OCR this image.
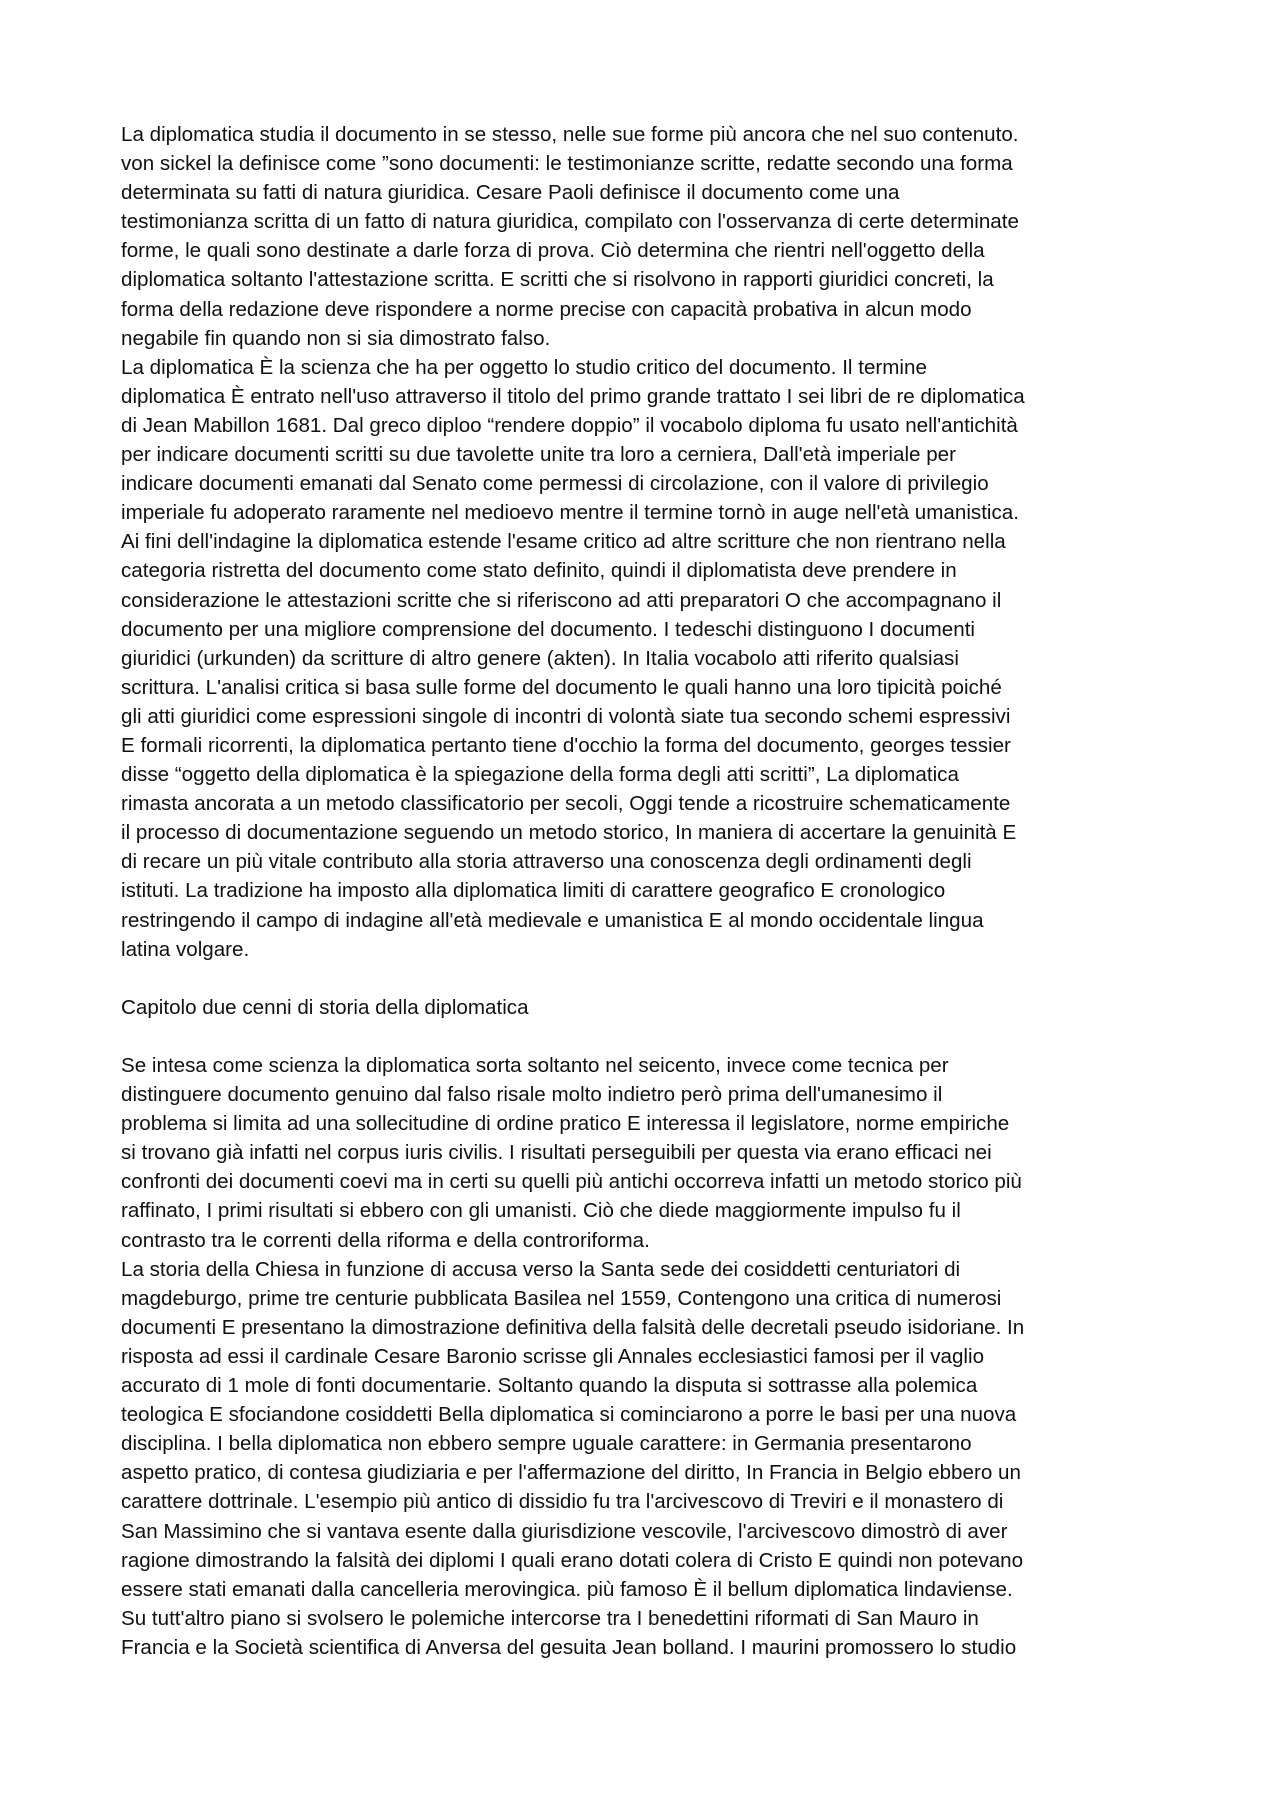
La diplomatica studia il documento in se stesso, nelle sue forme più ancora che nel suo contenuto.
von sickel la definisce come ”sono documenti: le testimonianze scritte, redatte secondo una forma
determinata su fatti di natura giuridica. Cesare Paoli definisce il documento come una
testimonianza scritta di un fatto di natura giuridica, compilato con l'osservanza di certe determinate
forme, le quali sono destinate a darle forza di prova. Ciò determina che rientri nell'oggetto della
diplomatica soltanto l'attestazione scritta. E scritti che si risolvono in rapporti giuridici concreti, la
forma della redazione deve rispondere a norme precise con capacità probativa in alcun modo
negabile fin quando non si sia dimostrato falso.
La diplomatica È la scienza che ha per oggetto lo studio critico del documento. Il termine
diplomatica È entrato nell'uso attraverso il titolo del primo grande trattato I sei libri de re diplomatica
di Jean Mabillon 1681. Dal greco diploo “rendere doppio” il vocabolo diploma fu usato nell'antichità
per indicare documenti scritti su due tavolette unite tra loro a cerniera, Dall'età imperiale per
indicare documenti emanati dal Senato come permessi di circolazione, con il valore di privilegio
imperiale fu adoperato raramente nel medioevo mentre il termine tornò in auge nell'età umanistica.
Ai fini dell'indagine la diplomatica estende l'esame critico ad altre scritture che non rientrano nella
categoria ristretta del documento come stato definito, quindi il diplomatista deve prendere in
considerazione le attestazioni scritte che si riferiscono ad atti preparatori O che accompagnano il
documento per una migliore comprensione del documento. I tedeschi distinguono I documenti
giuridici (urkunden) da scritture di altro genere (akten). In Italia vocabolo atti riferito qualsiasi
scrittura. L'analisi critica si basa sulle forme del documento le quali hanno una loro tipicità poiché
gli atti giuridici come espressioni singole di incontri di volontà siate tua secondo schemi espressivi
E formali ricorrenti, la diplomatica pertanto tiene d'occhio la forma del documento, georges tessier
disse “oggetto della diplomatica è la spiegazione della forma degli atti scritti”, La diplomatica
rimasta ancorata a un metodo classificatorio per secoli, Oggi tende a ricostruire schematicamente
il processo di documentazione seguendo un metodo storico, In maniera di accertare la genuinità E
di recare un più vitale contributo alla storia attraverso una conoscenza degli ordinamenti degli
istituti. La tradizione ha imposto alla diplomatica limiti di carattere geografico E cronologico
restringendo il campo di indagine all'età medievale e umanistica E al mondo occidentale lingua
latina volgare.
Capitolo due cenni di storia della diplomatica
Se intesa come scienza la diplomatica sorta soltanto nel seicento, invece come tecnica per
distinguere documento genuino dal falso risale molto indietro però prima dell'umanesimo il
problema si limita ad una sollecitudine di ordine pratico E interessa il legislatore, norme empiriche
si trovano già infatti nel corpus iuris civilis. I risultati perseguibili per questa via erano efficaci nei
confronti dei documenti coevi ma in certi su quelli più antichi occorreva infatti un metodo storico più
raffinato, I primi risultati si ebbero con gli umanisti. Ciò che diede maggiormente impulso fu il
contrasto tra le correnti della riforma e della controriforma.
La storia della Chiesa in funzione di accusa verso la Santa sede dei cosiddetti centuriatori di
magdeburgo, prime tre centurie pubblicata Basilea nel 1559, Contengono una critica di numerosi
documenti E presentano la dimostrazione definitiva della falsità delle decretali pseudo isidoriane. In
risposta ad essi il cardinale Cesare Baronio scrisse gli Annales ecclesiastici famosi per il vaglio
accurato di 1 mole di fonti documentarie. Soltanto quando la disputa si sottrasse alla polemica
teologica E sfociandone cosiddetti Bella diplomatica si cominciarono a porre le basi per una nuova
disciplina. I bella diplomatica non ebbero sempre uguale carattere: in Germania presentarono
aspetto pratico, di contesa giudiziaria e per l'affermazione del diritto, In Francia in Belgio ebbero un
carattere dottrinale. L'esempio più antico di dissidio fu tra l'arcivescovo di Treviri e il monastero di
San Massimino che si vantava esente dalla giurisdizione vescovile, l'arcivescovo dimostrò di aver
ragione dimostrando la falsità dei diplomi I quali erano dotati colera di Cristo E quindi non potevano
essere stati emanati dalla cancelleria merovingica. più famoso È il bellum diplomatica lindaviense.
Su tutt'altro piano si svolsero le polemiche intercorse tra I benedettini riformati di San Mauro in
Francia e la Società scientifica di Anversa del gesuita Jean bolland. I maurini promossero lo studio
